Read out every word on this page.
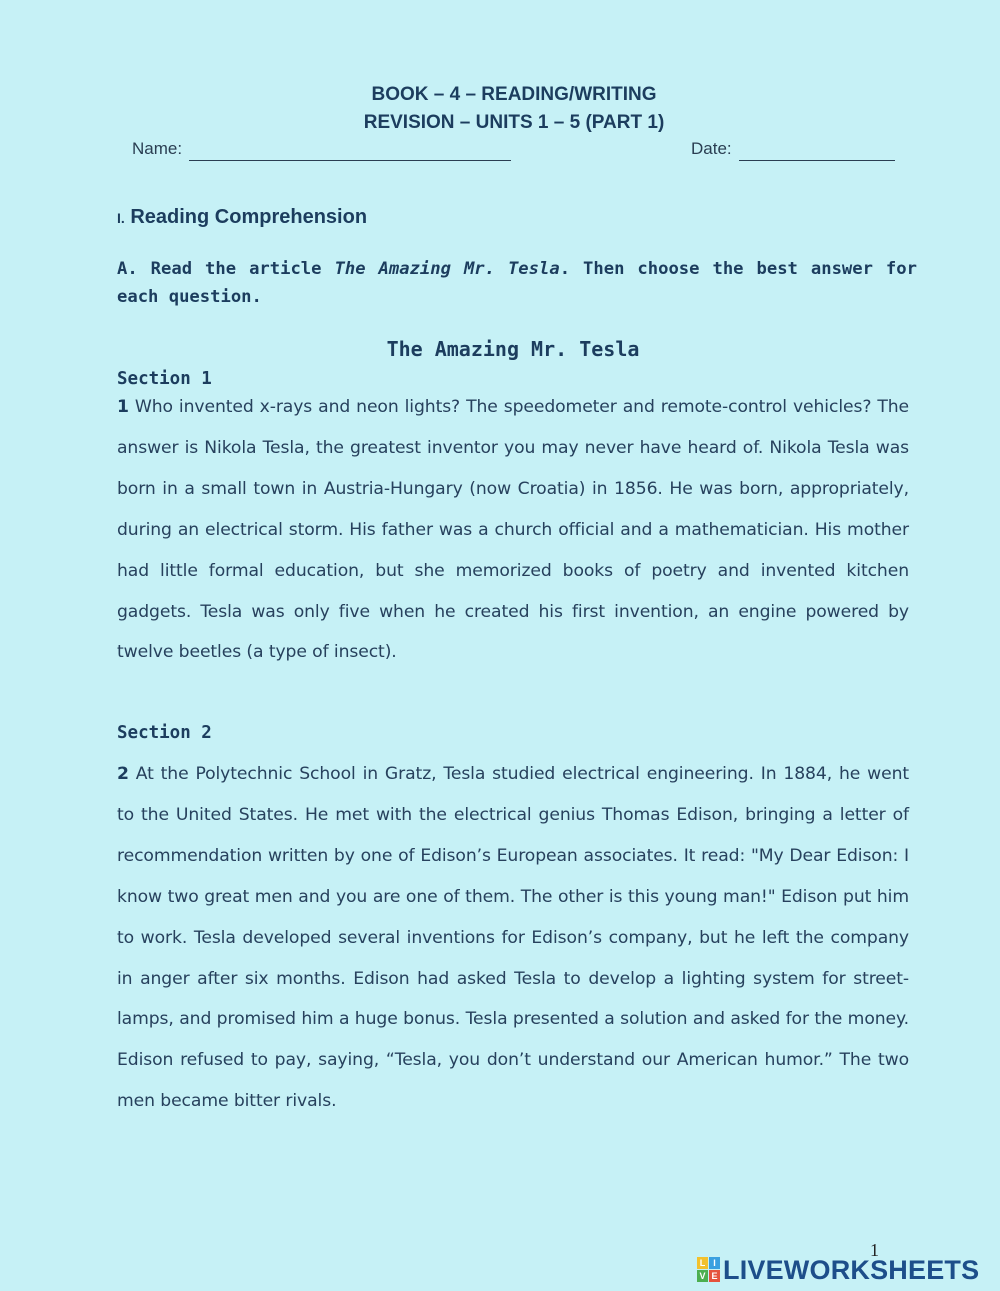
BOOK – 4 – READING/WRITING
REVISION – UNITS 1 – 5 (PART 1)
Name:	Date:
I. Reading Comprehension
A. Read the article The Amazing Mr. Tesla. Then choose the best answer for each question.
The Amazing Mr. Tesla
Section 1
1 Who invented x-rays and neon lights? The speedometer and remote-control vehicles? The answer is Nikola Tesla, the greatest inventor you may never have heard of. Nikola Tesla was born in a small town in Austria-Hungary (now Croatia) in 1856. He was born, appropriately, during an electrical storm. His father was a church official and a mathematician. His mother had little formal education, but she memorized books of poetry and invented kitchen gadgets. Tesla was only five when he created his first invention, an engine powered by twelve beetles (a type of insect).
Section 2
2 At the Polytechnic School in Gratz, Tesla studied electrical engineering. In 1884, he went to the United States. He met with the electrical genius Thomas Edison, bringing a letter of recommendation written by one of Edison’s European associates. It read: "My Dear Edison: I know two great men and you are one of them. The other is this young man!" Edison put him to work. Tesla developed several inventions for Edison’s company, but he left the company in anger after six months. Edison had asked Tesla to develop a lighting system for street-lamps, and promised him a huge bonus. Tesla presented a solution and asked for the money. Edison refused to pay, saying, “Tesla, you don’t understand our American humor.” The two men became bitter rivals.
1
L I
V E LIVEWORKSHEETS
